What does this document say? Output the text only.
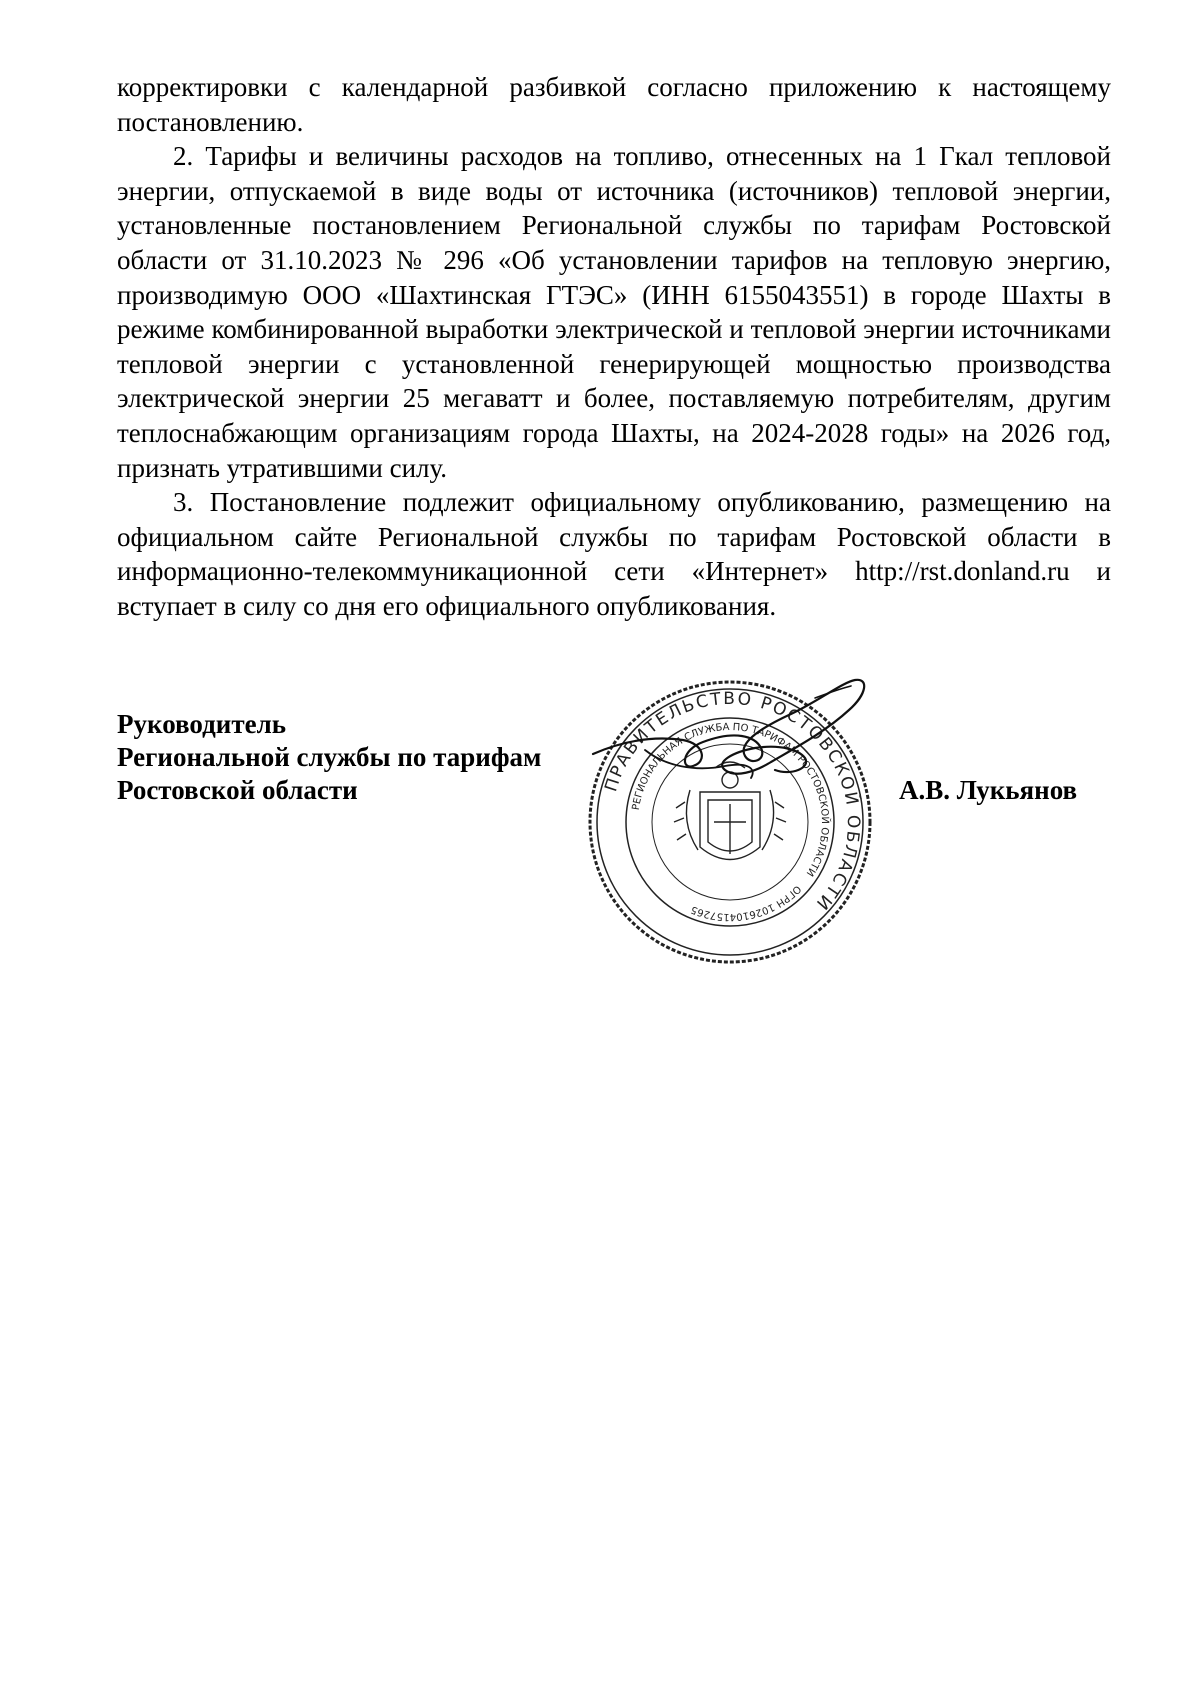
корректировки с календарной разбивкой согласно приложению к настоящему постановлению.

2. Тарифы и величины расходов на топливо, отнесенных на 1 Гкал тепловой энергии, отпускаемой в виде воды от источника (источников) тепловой энергии, установленные постановлением Региональной службы по тарифам Ростовской области от 31.10.2023 № 296 «Об установлении тарифов на тепловую энергию, производимую ООО «Шахтинская ГТЭС» (ИНН 6155043551) в городе Шахты в режиме комбинированной выработки электрической и тепловой энергии источниками тепловой энергии с установленной генерирующей мощностью производства электрической энергии 25 мегаватт и более, поставляемую потребителям, другим теплоснабжающим организациям города Шахты, на 2024-2028 годы» на 2026 год, признать утратившими силу.

3. Постановление подлежит официальному опубликованию, размещению на официальном сайте Региональной службы по тарифам Ростовской области в информационно-телекоммуникационной сети «Интернет» http://rst.donland.ru и вступает в силу со дня его официального опубликования.

Руководитель
Региональной службы по тарифам
Ростовской области	А.В. Лукьянов
ПРАВИТЕЛЬСТВО РОСТОВСКОЙ ОБЛАСТИ
РЕГИОНАЛЬНАЯ СЛУЖБА ПО ТАРИФАМ РОСТОВСКОЙ ОБЛАСТИ
ОГРН 1026104157265
